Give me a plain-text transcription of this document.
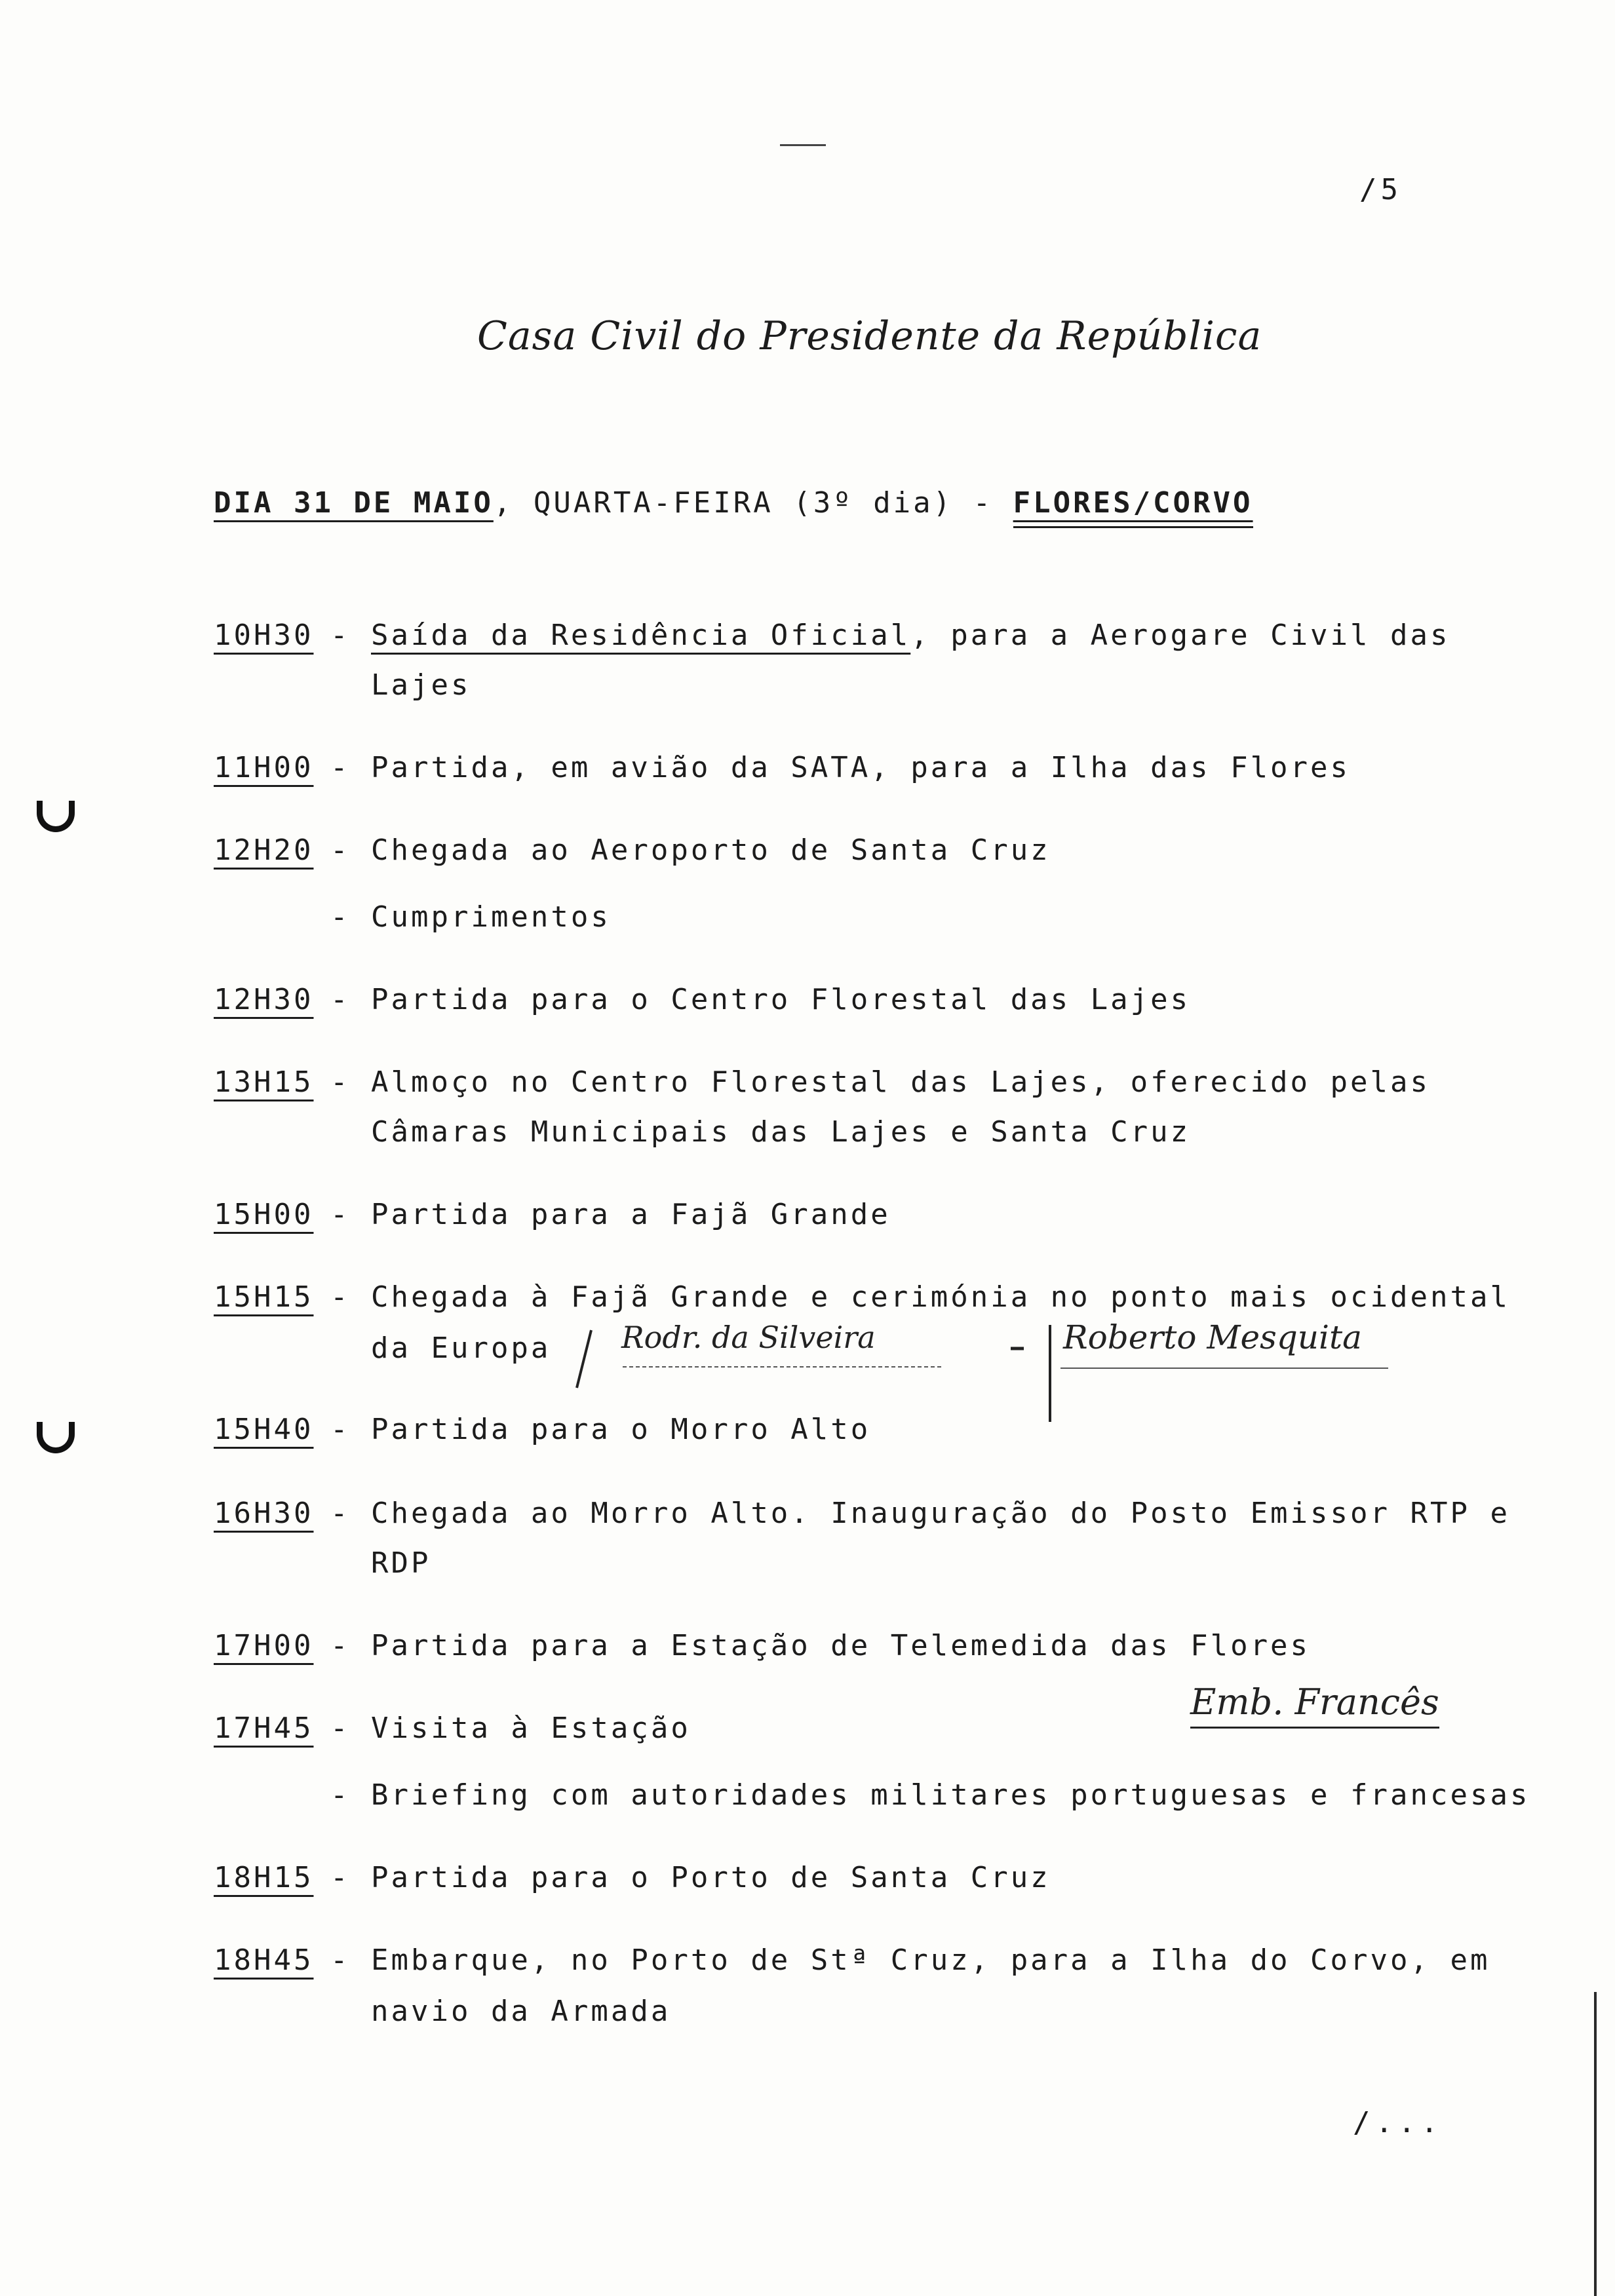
/5
Casa Civil do Presidente da República
DIA 31 DE MAIO, QUARTA-FEIRA (3º dia) - FLORES/CORVO
10H30 - Saída da Residência Oficial, para a Aerogare Civil das
Lajes
11H00 - Partida, em avião da SATA, para a Ilha das Flores
12H20 - Chegada ao Aeroporto de Santa Cruz
- Cumprimentos
12H30 - Partida para o Centro Florestal das Lajes
13H15 - Almoço no Centro Florestal das Lajes, oferecido pelas
Câmaras Municipais das Lajes e Santa Cruz
15H00 - Partida para a Fajã Grande
15H15 - Chegada à Fajã Grande e cerimónia no ponto mais ocidental
da Europa Rodr. da Silveira	Roberto Mesquita
15H40 - Partida para o Morro Alto
16H30 - Chegada ao Morro Alto. Inauguração do Posto Emissor RTP e
RDP
17H00 - Partida para a Estação de Telemedida das Flores
17H45 - Visita à Estação
Emb. Francês
- Briefing com autoridades militares portuguesas e francesas
18H15 - Partida para o Porto de Santa Cruz
18H45 - Embarque, no Porto de Stª Cruz, para a Ilha do Corvo, em
navio da Armada
/...
